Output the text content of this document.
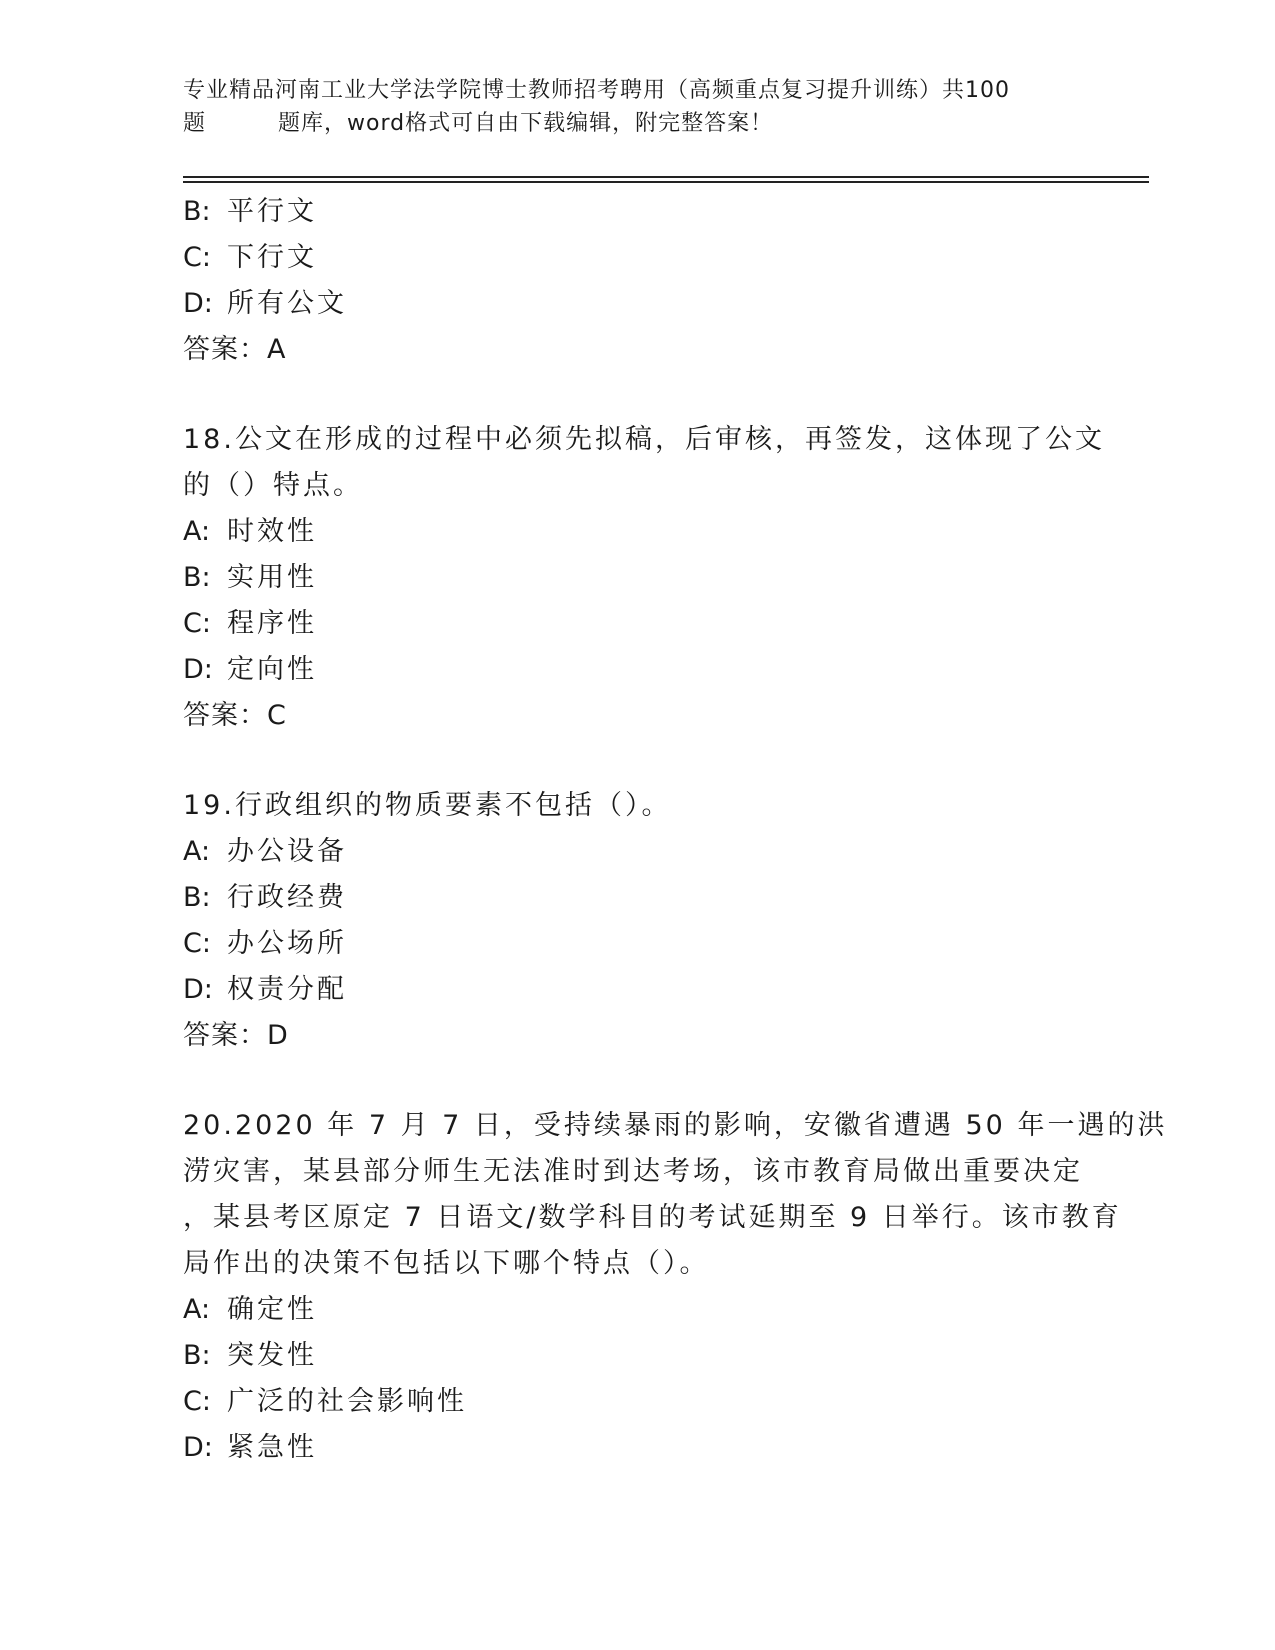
专业精品河南工业大学法学院博士教师招考聘用（高频重点复习提升训练）共100
题	题库，word格式可自由下载编辑，附完整答案！
B: 平行文
C: 下行文
D: 所有公文
答案：A
18.公文在形成的过程中必须先拟稿，后审核，再签发，这体现了公文
的（）特点。
A: 时效性
B: 实用性
C: 程序性
D: 定向性
答案：C
19.行政组织的物质要素不包括（）。
A: 办公设备
B: 行政经费
C: 办公场所
D: 权责分配
答案：D
20.2020 年 7 月 7 日，受持续暴雨的影响，安徽省遭遇 50 年一遇的洪
涝灾害，某县部分师生无法准时到达考场，该市教育局做出重要决定
，某县考区原定 7 日语文/数学科目的考试延期至 9 日举行。该市教育
局作出的决策不包括以下哪个特点（）。
A: 确定性
B: 突发性
C: 广泛的社会影响性
D: 紧急性
